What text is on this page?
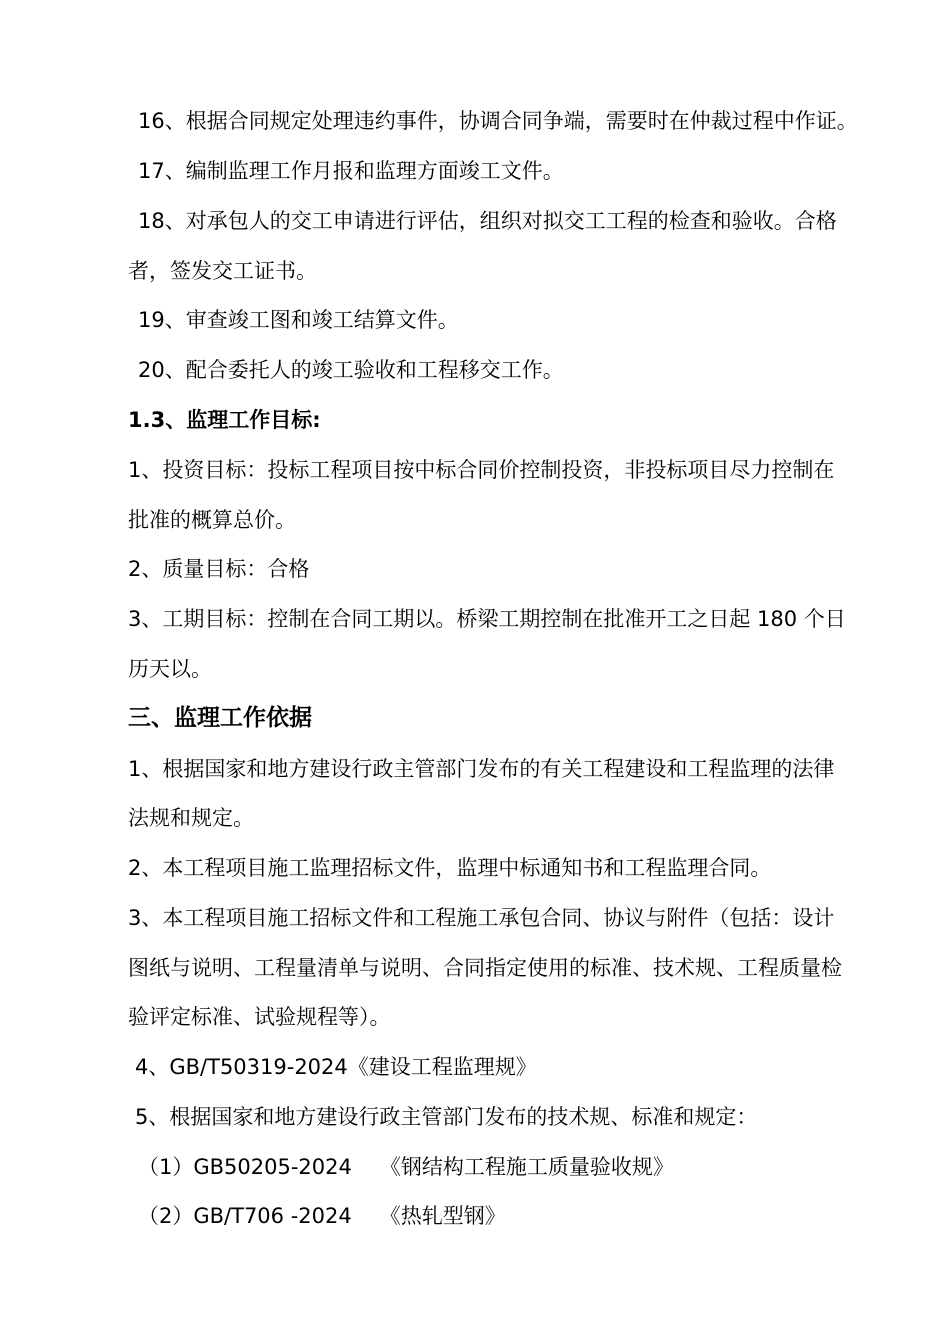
16、根据合同规定处理违约事件，协调合同争端，需要时在仲裁过程中作证。

17、编制监理工作月报和监理方面竣工文件。

18、对承包人的交工申请进行评估，组织对拟交工工程的检查和验收。合格

者，签发交工证书。

19、审查竣工图和竣工结算文件。

20、配合委托人的竣工验收和工程移交工作。

1.3、监理工作目标:

1、投资目标：投标工程项目按中标合同价控制投资，非投标项目尽力控制在

批准的概算总价。

2、质量目标：合格

3、工期目标：控制在合同工期以。桥梁工期控制在批准开工之日起 180 个日

历天以。

三、监理工作依据

1、根据国家和地方建设行政主管部门发布的有关工程建设和工程监理的法律

法规和规定。

2、本工程项目施工监理招标文件，监理中标通知书和工程监理合同。

3、本工程项目施工招标文件和工程施工承包合同、协议与附件（包括：设计

图纸与说明、工程量清单与说明、合同指定使用的标准、技术规、工程质量检

验评定标准、试验规程等）。

4、GB/T50319-2024《建设工程监理规》

5、根据国家和地方建设行政主管部门发布的技术规、标准和规定：

（1）GB50205-2024 《钢结构工程施工质量验收规》

（2）GB/T706 -2024 《热轧型钢》
